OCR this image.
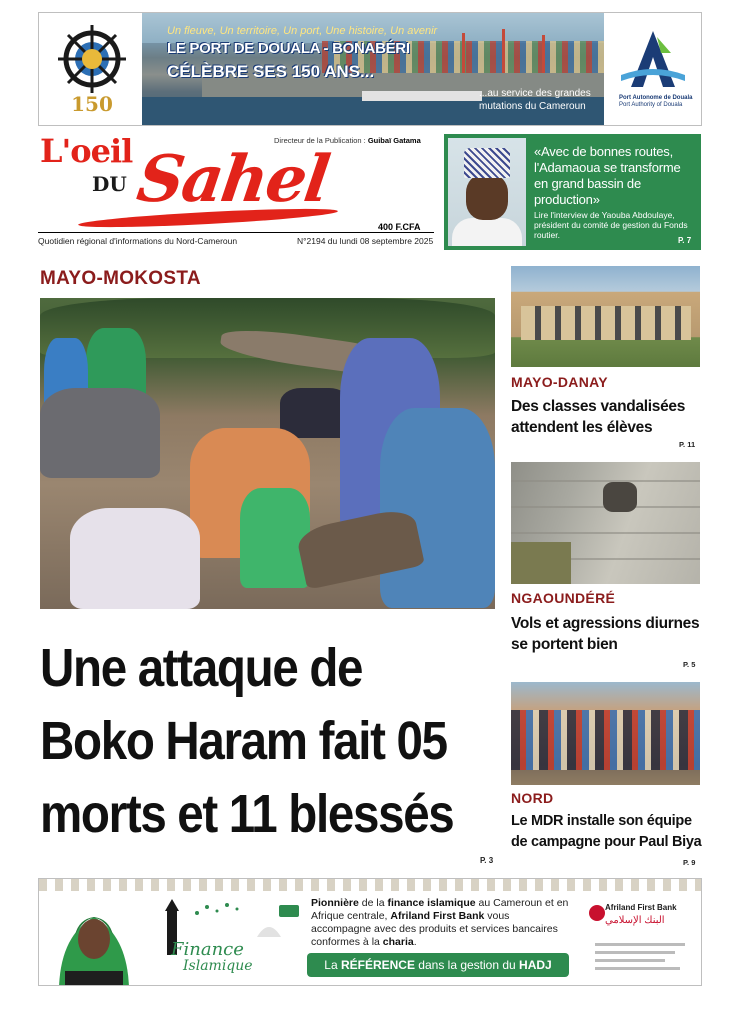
150
Un fleuve, Un territoire, Un port, Une histoire, Un avenir
LE PORT DE DOUALA - BONABÉRI
CÉLÈBRE SES 150 ANS...
...au service des grandes mutations du Cameroun
Port Autonome de Douala
Port Authority of Douala
L'oeil
DU Sahel
Directeur de la Publication : Guibaï Gatama
400 F.CFA
Quotidien régional d'informations du Nord-Cameroun	N°2194 du lundi 08 septembre 2025
«Avec de bonnes routes, l'Adamaoua se transforme en grand bassin de production»
Lire l'interview de Yaouba Abdoulaye, président du comité de gestion du Fonds routier.
P. 7
MAYO-MOKOSTA
Une attaque de Boko Haram fait 05 morts et 11 blessés
P. 3
MAYO-DANAY
Des classes vandalisées attendent les élèves
P. 11
NGAOUNDÉRÉ
Vols et agressions diurnes se portent bien
P. 5
NORD
Le MDR installe son équipe de campagne pour Paul Biya
P. 9
Finance
Islamique
Pionnière de la finance islamique au Cameroun et en Afrique centrale, Afriland First Bank vous accompagne avec des produits et services bancaires conformes à la charia.
La RÉFÉRENCE dans la gestion du HADJ
Afriland First Bank
البنك الإسلامي
